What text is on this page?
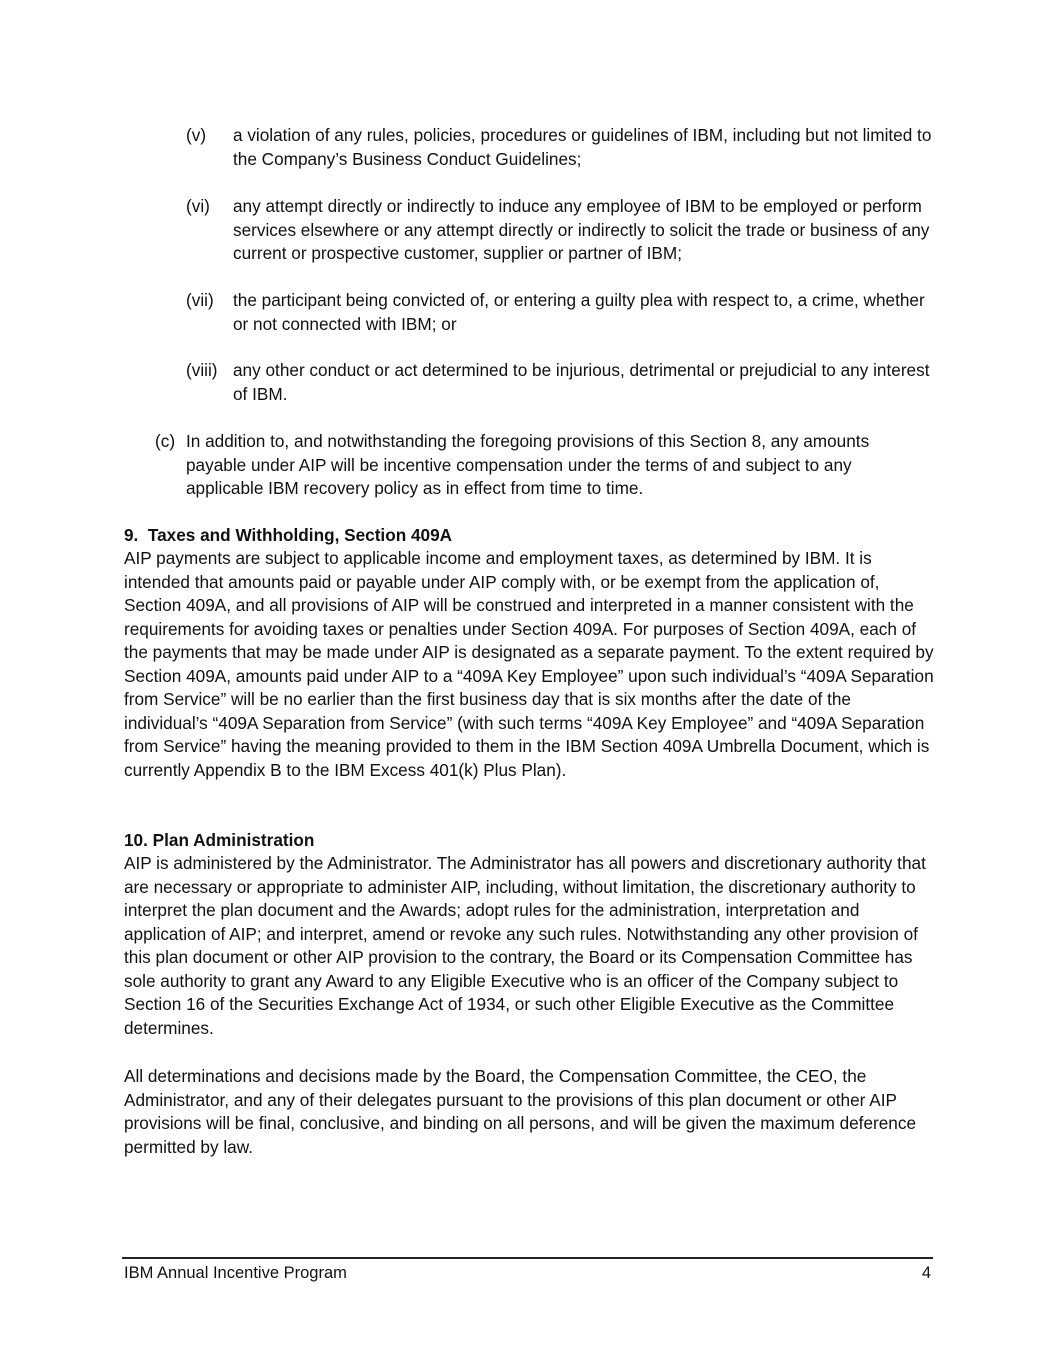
(v)	a violation of any rules, policies, procedures or guidelines of IBM, including but not limited to the Company’s Business Conduct Guidelines;
(vi)	any attempt directly or indirectly to induce any employee of IBM to be employed or perform services elsewhere or any attempt directly or indirectly to solicit the trade or business of any current or prospective customer, supplier or partner of IBM;
(vii)	the participant being convicted of, or entering a guilty plea with respect to, a crime, whether or not connected with IBM; or
(viii) any other conduct or act determined to be injurious, detrimental or prejudicial to any interest of IBM.
(c) In addition to, and notwithstanding the foregoing provisions of this Section 8, any amounts payable under AIP will be incentive compensation under the terms of and subject to any applicable IBM recovery policy as in effect from time to time.
9.  Taxes and Withholding, Section 409A
AIP payments are subject to applicable income and employment taxes, as determined by IBM. It is intended that amounts paid or payable under AIP comply with, or be exempt from the application of, Section 409A, and all provisions of AIP will be construed and interpreted in a manner consistent with the requirements for avoiding taxes or penalties under Section 409A. For purposes of Section 409A, each of the payments that may be made under AIP is designated as a separate payment. To the extent required by Section 409A, amounts paid under AIP to a “409A Key Employee” upon such individual’s “409A Separation from Service” will be no earlier than the first business day that is six months after the date of the individual’s “409A Separation from Service” (with such terms “409A Key Employee” and “409A Separation from Service” having the meaning provided to them in the IBM Section 409A Umbrella Document, which is currently Appendix B to the IBM Excess 401(k) Plus Plan).
10. Plan Administration
AIP is administered by the Administrator. The Administrator has all powers and discretionary authority that are necessary or appropriate to administer AIP, including, without limitation, the discretionary authority to interpret the plan document and the Awards; adopt rules for the administration, interpretation and application of AIP; and interpret, amend or revoke any such rules. Notwithstanding any other provision of this plan document or other AIP provision to the contrary, the Board or its Compensation Committee has sole authority to grant any Award to any Eligible Executive who is an officer of the Company subject to Section 16 of the Securities Exchange Act of 1934, or such other Eligible Executive as the Committee determines.
All determinations and decisions made by the Board, the Compensation Committee, the CEO, the Administrator, and any of their delegates pursuant to the provisions of this plan document or other AIP provisions will be final, conclusive, and binding on all persons, and will be given the maximum deference permitted by law.
IBM Annual Incentive Program	4
